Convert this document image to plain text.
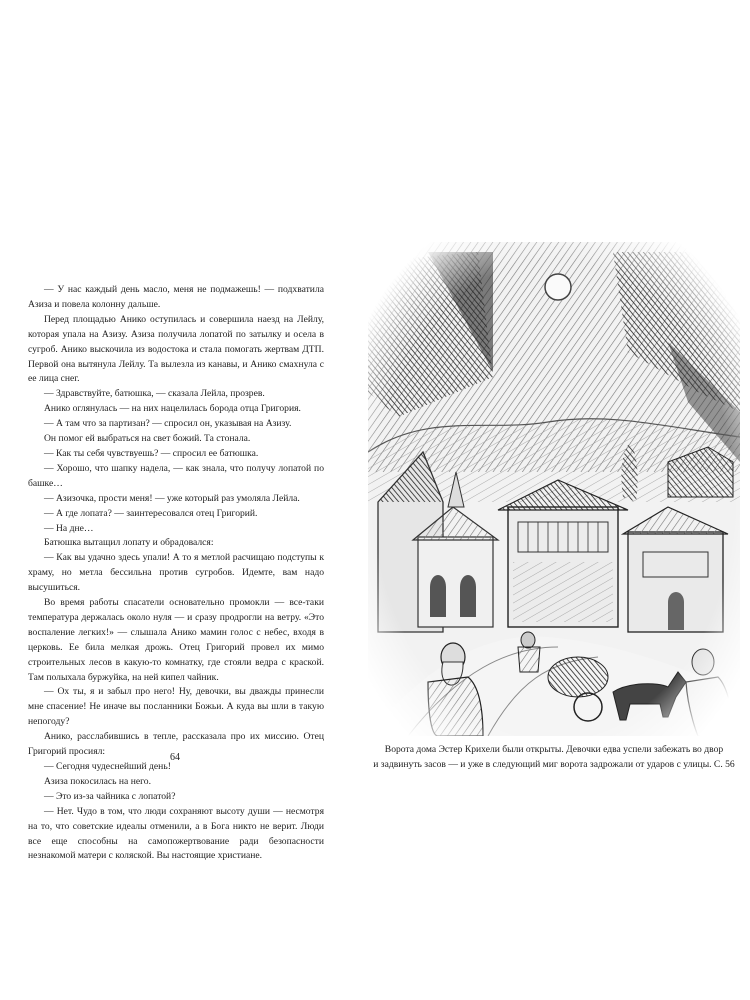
— У нас каждый день масло, меня не подмажешь! — подхватила Азиза и повела колонну дальше.

Перед площадью Анико оступилась и совершила наезд на Лейлу, которая упала на Азизу. Азиза получила лопатой по затылку и осела в сугроб. Анико выскочила из водостока и стала помогать жертвам ДТП. Первой она вытянула Лейлу. Та вылезла из канавы, и Анико смахнула с ее лица снег.

— Здравствуйте, батюшка, — сказала Лейла, прозрев.

Анико оглянулась — на них нацелилась борода отца Григория.

— А там что за партизан? — спросил он, указывая на Азизу.

Он помог ей выбраться на свет божий. Та стонала.

— Как ты себя чувствуешь? — спросил ее батюшка.

— Хорошо, что шапку надела, — как знала, что получу лопатой по башке…

— Азизочка, прости меня! — уже который раз умоляла Лейла.

— А где лопата? — заинтересовался отец Григорий.

— На дне…

Батюшка вытащил лопату и обрадовался:

— Как вы удачно здесь упали! А то я метлой расчищаю подступы к храму, но метла бессильна против сугробов. Идемте, вам надо высушиться.

Во время работы спасатели основательно промокли — все-таки температура держалась около нуля — и сразу продрогли на ветру. «Это воспаление легких!» — слышала Анико мамин голос с небес, входя в церковь. Ее била мелкая дрожь. Отец Григорий провел их мимо строительных лесов в какую-то комнатку, где стояли ведра с краской. Там полыхала буржуйка, на ней кипел чайник.

— Ох ты, я и забыл про него! Ну, девочки, вы дважды принесли мне спасение! Не иначе вы посланники Божьи. А куда вы шли в такую непогоду?

Анико, расслабившись в тепле, рассказала про их миссию. Отец Григорий просиял:

— Сегодня чудеснейший день!

Азиза покосилась на него.

— Это из-за чайника с лопатой?

— Нет. Чудо в том, что люди сохраняют высоту души — несмотря на то, что советские идеалы отменили, а в Бога никто не верит. Люди все еще способны на самопожертвование ради безопасности незнакомой матери с коляской. Вы настоящие христиане.

64
Ворота дома Эстер Крихели были открыты. Девочки едва успели забежать во двор
и задвинуть засов — и уже в следующий миг ворота задрожали от ударов с улицы. С. 56
